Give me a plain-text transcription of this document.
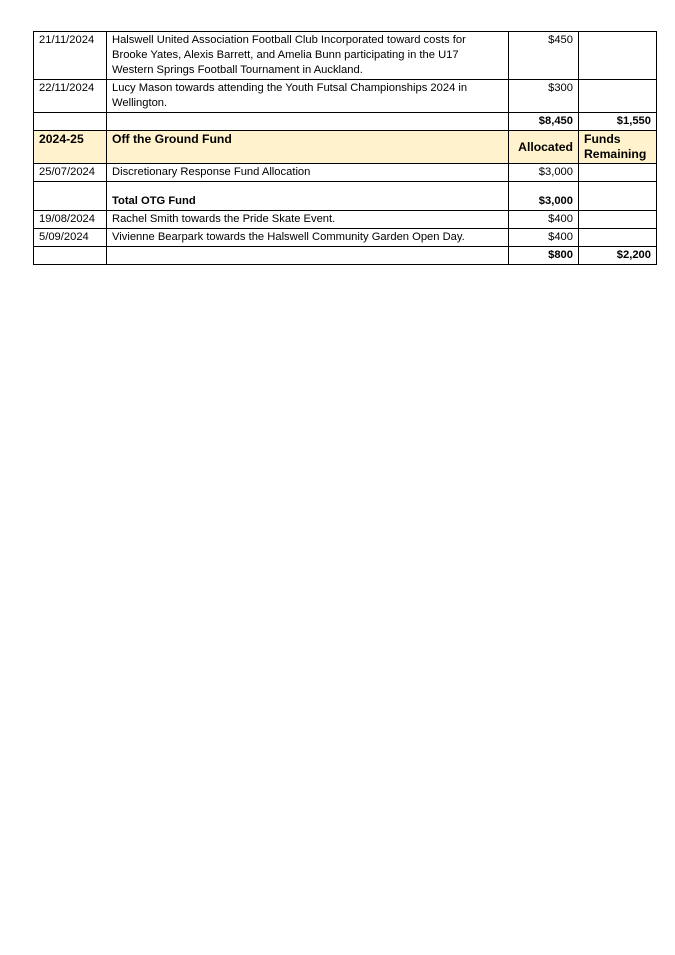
21/11/2024	Halswell United Association Football Club Incorporated toward costs for Brooke Yates, Alexis Barrett, and Amelia Bunn participating in the U17 Western Springs Football Tournament in Auckland.	$450	
22/11/2024	Lucy Mason towards attending the Youth Futsal Championships 2024 in Wellington.	$300	
		$8,450	$1,550
2024-25	Off the Ground Fund	Allocated	Funds Remaining
25/07/2024	Discretionary Response Fund Allocation	$3,000	
	Total OTG Fund	$3,000	
19/08/2024	Rachel Smith towards the Pride Skate Event.	$400	
5/09/2024	Vivienne Bearpark towards the Halswell Community Garden Open Day.	$400	
		$800	$2,200
